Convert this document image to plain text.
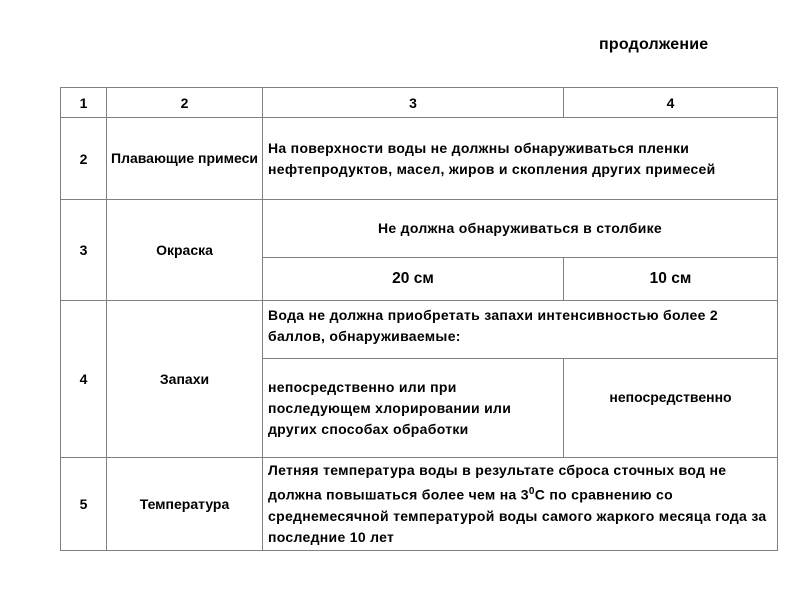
продолжение
1	2	3	4
2	Плавающие примеси	На поверхности воды не должны обнаруживаться пленки нефтепродуктов, масел, жиров и скопления других примесей	
3	Окраска	Не должна обнаруживаться в столбике	
		20 см	10 см
4	Запахи	Вода не должна приобретать запахи интенсивностью более 2 баллов, обнаруживаемые:	
		непосредственно или при последующем хлорировании или других способах обработки	непосредственно
5	Температура	Летняя температура воды в результате сброса сточных вод не должна повышаться более чем на $3^0С$ по сравнению со среднемесячной температурой воды самого жаркого месяца года за последние 10 лет	
